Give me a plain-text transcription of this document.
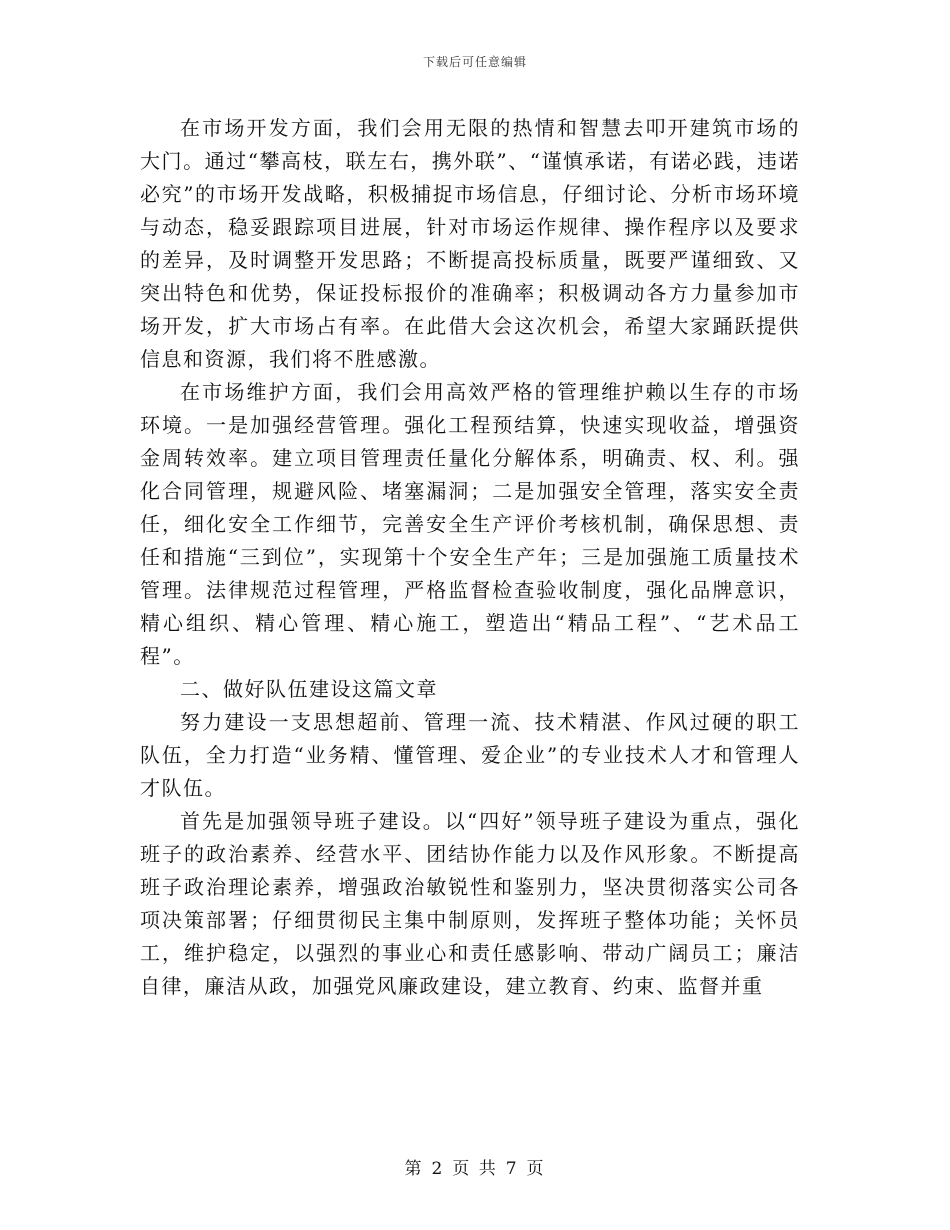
下载后可任意编辑

在市场开发方面，我们会用无限的热情和智慧去叩开建筑市场的大门。通过“攀高枝，联左右，携外联”、“谨慎承诺，有诺必践，违诺必究”的市场开发战略，积极捕捉市场信息，仔细讨论、分析市场环境与动态，稳妥跟踪项目进展，针对市场运作规律、操作程序以及要求的差异，及时调整开发思路；不断提高投标质量，既要严谨细致、又突出特色和优势，保证投标报价的准确率；积极调动各方力量参加市场开发，扩大市场占有率。在此借大会这次机会，希望大家踊跃提供信息和资源，我们将不胜感激。

在市场维护方面，我们会用高效严格的管理维护赖以生存的市场环境。一是加强经营管理。强化工程预结算，快速实现收益，增强资金周转效率。建立项目管理责任量化分解体系，明确责、权、利。强化合同管理，规避风险、堵塞漏洞；二是加强安全管理，落实安全责任，细化安全工作细节，完善安全生产评价考核机制，确保思想、责任和措施“三到位”，实现第十个安全生产年；三是加强施工质量技术管理。法律规范过程管理，严格监督检查验收制度，强化品牌意识，精心组织、精心管理、精心施工，塑造出“精品工程”、“艺术品工程”。

二、做好队伍建设这篇文章

努力建设一支思想超前、管理一流、技术精湛、作风过硬的职工队伍，全力打造“业务精、懂管理、爱企业”的专业技术人才和管理人才队伍。

首先是加强领导班子建设。以“四好”领导班子建设为重点，强化班子的政治素养、经营水平、团结协作能力以及作风形象。不断提高班子政治理论素养，增强政治敏锐性和鉴别力，坚决贯彻落实公司各项决策部署；仔细贯彻民主集中制原则，发挥班子整体功能；关怀员工，维护稳定，以强烈的事业心和责任感影响、带动广阔员工；廉洁自律，廉洁从政，加强党风廉政建设，建立教育、约束、监督并重

第 2 页 共 7 页
